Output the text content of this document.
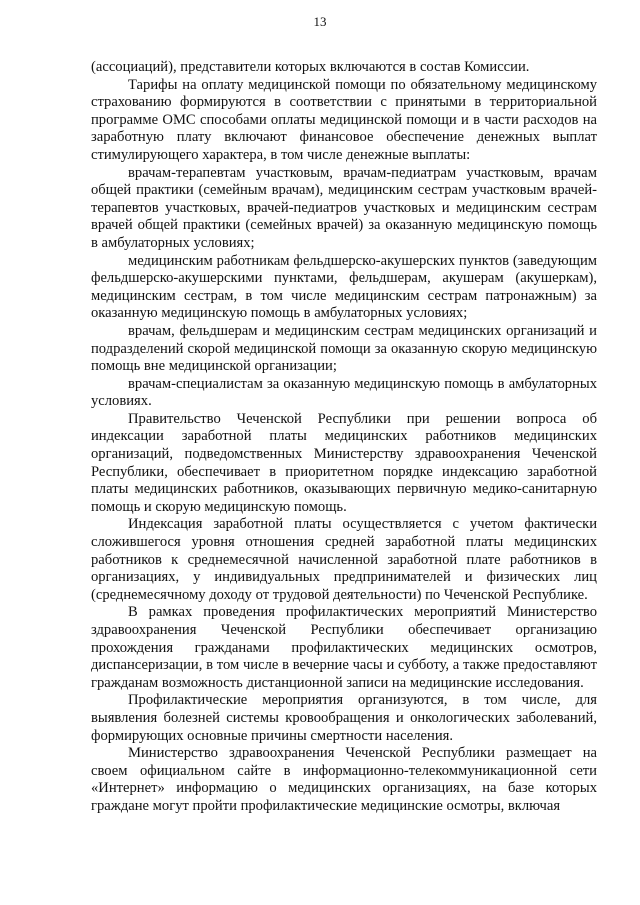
13

(ассоциаций), представители которых включаются в состав Комиссии.

Тарифы на оплату медицинской помощи по обязательному медицинскому страхованию формируются в соответствии с принятыми в территориальной программе ОМС способами оплаты медицинской помощи и в части расходов на заработную плату включают финансовое обеспечение денежных выплат стимулирующего характера, в том числе денежные выплаты:

врачам-терапевтам участковым, врачам-педиатрам участковым, врачам общей практики (семейным врачам), медицинским сестрам участковым врачей-терапевтов участковых, врачей-педиатров участковых и медицинским сестрам врачей общей практики (семейных врачей) за оказанную медицинскую помощь в амбулаторных условиях;

медицинским работникам фельдшерско-акушерских пунктов (заведующим фельдшерско-акушерскими пунктами, фельдшерам, акушерам (акушеркам), медицинским сестрам, в том числе медицинским сестрам патронажным) за оказанную медицинскую помощь в амбулаторных условиях;

врачам, фельдшерам и медицинским сестрам медицинских организаций и подразделений скорой медицинской помощи за оказанную скорую медицинскую помощь вне медицинской организации;

врачам-специалистам за оказанную медицинскую помощь в амбулаторных условиях.

Правительство Чеченской Республики при решении вопроса об индексации заработной платы медицинских работников медицинских организаций, подведомственных Министерству здравоохранения Чеченской Республики, обеспечивает в приоритетном порядке индексацию заработной платы медицинских работников, оказывающих первичную медико-санитарную помощь и скорую медицинскую помощь.

Индексация заработной платы осуществляется с учетом фактически сложившегося уровня отношения средней заработной платы медицинских работников к среднемесячной начисленной заработной плате работников в организациях, у индивидуальных предпринимателей и физических лиц (среднемесячному доходу от трудовой деятельности) по Чеченской Республике.

В рамках проведения профилактических мероприятий Министерство здравоохранения Чеченской Республики обеспечивает организацию прохождения гражданами профилактических медицинских осмотров, диспансеризации, в том числе в вечерние часы и субботу, а также предоставляют гражданам возможность дистанционной записи на медицинские исследования.

Профилактические мероприятия организуются, в том числе, для выявления болезней системы кровообращения и онкологических заболеваний, формирующих основные причины смертности населения.

Министерство здравоохранения Чеченской Республики размещает на своем официальном сайте в информационно-телекоммуникационной сети «Интернет» информацию о медицинских организациях, на базе которых граждане могут пройти профилактические медицинские осмотры, включая
